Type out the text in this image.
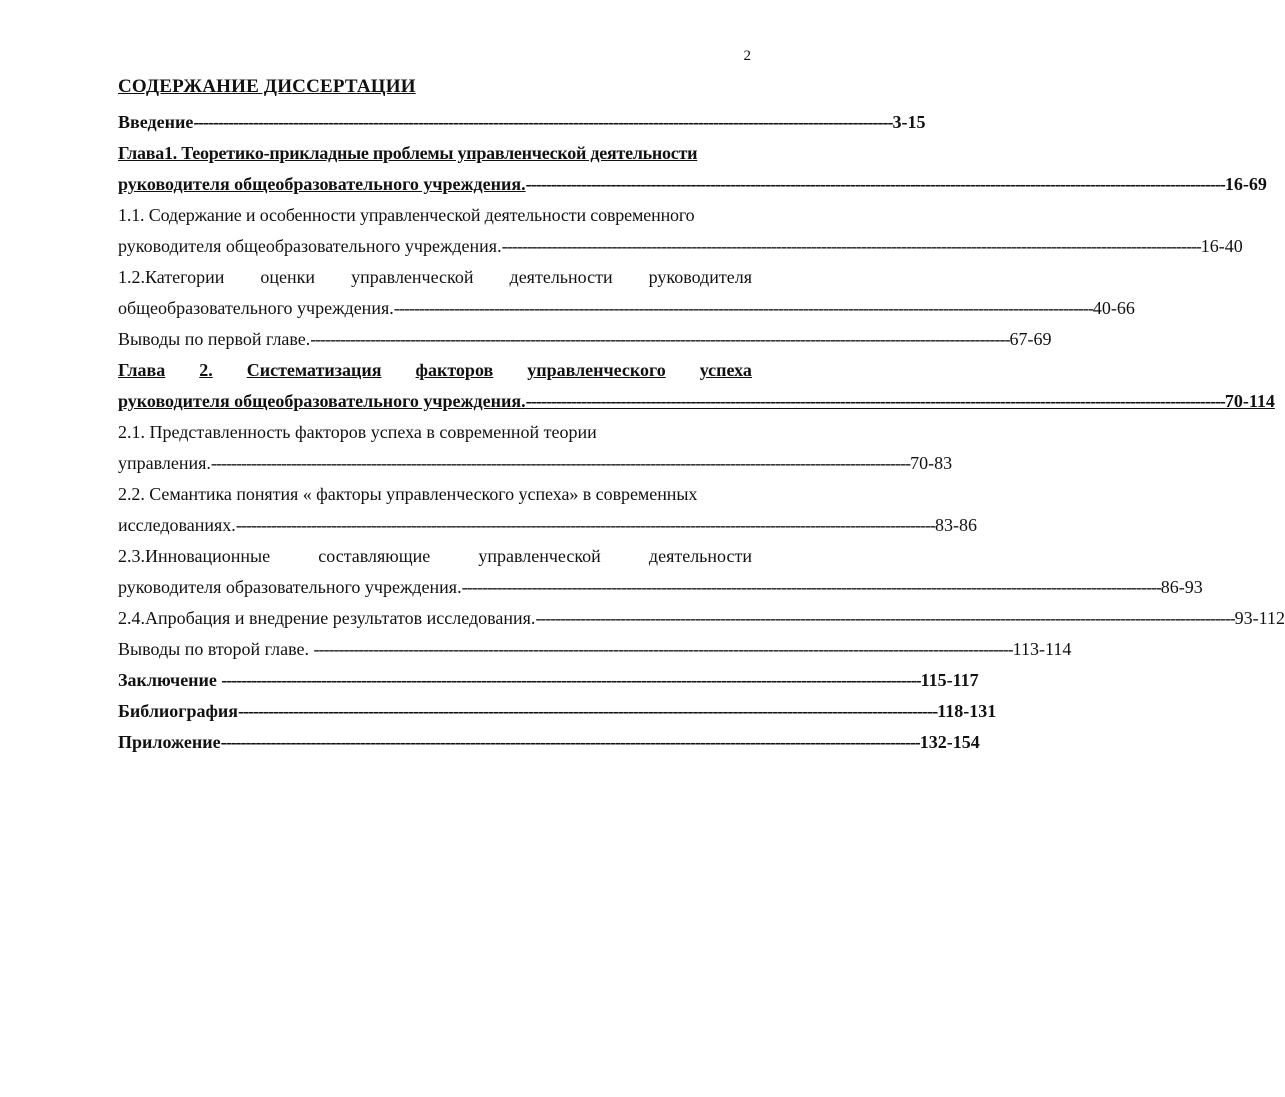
2
СОДЕРЖАНИЕ ДИССЕРТАЦИИ
Введение -------------------------------------------------------------------------------------------------------------------------------------------- 3-15
Глава1. Теоретико-прикладные проблемы управленческой деятельности
руководителя общеобразовательного учреждения. -------------------------------------------------------------------------------------------------------------------------------------------- 16-69
1.1. Содержание и особенности управленческой деятельности современного
руководителя общеобразовательного учреждения. -------------------------------------------------------------------------------------------------------------------------------------------- 16-40
1.2.Категории оценки управленческой деятельности руководителя
общеобразовательного учреждения. -------------------------------------------------------------------------------------------------------------------------------------------- 40-66
Выводы по первой главе. -------------------------------------------------------------------------------------------------------------------------------------------- 67-69
Глава 2. Систематизация факторов управленческого успеха
руководителя общеобразовательного учреждения. -------------------------------------------------------------------------------------------------------------------------------------------- 70-114
2.1. Представленность факторов успеха в современной теории
управления. -------------------------------------------------------------------------------------------------------------------------------------------- 70-83
2.2. Семантика понятия « факторы управленческого успеха» в современных
исследованиях. -------------------------------------------------------------------------------------------------------------------------------------------- 83-86
2.3.Инновационные	составляющие	управленческой	деятельности
руководителя образовательного учреждения. -------------------------------------------------------------------------------------------------------------------------------------------- 86-93
2.4.Апробация и внедрение результатов исследования. -------------------------------------------------------------------------------------------------------------------------------------------- 93-112
Выводы по второй главе. -------------------------------------------------------------------------------------------------------------------------------------------- 113-114
Заключение -------------------------------------------------------------------------------------------------------------------------------------------- 115-117
Библиография -------------------------------------------------------------------------------------------------------------------------------------------- 118-131
Приложение -------------------------------------------------------------------------------------------------------------------------------------------- 132-154
